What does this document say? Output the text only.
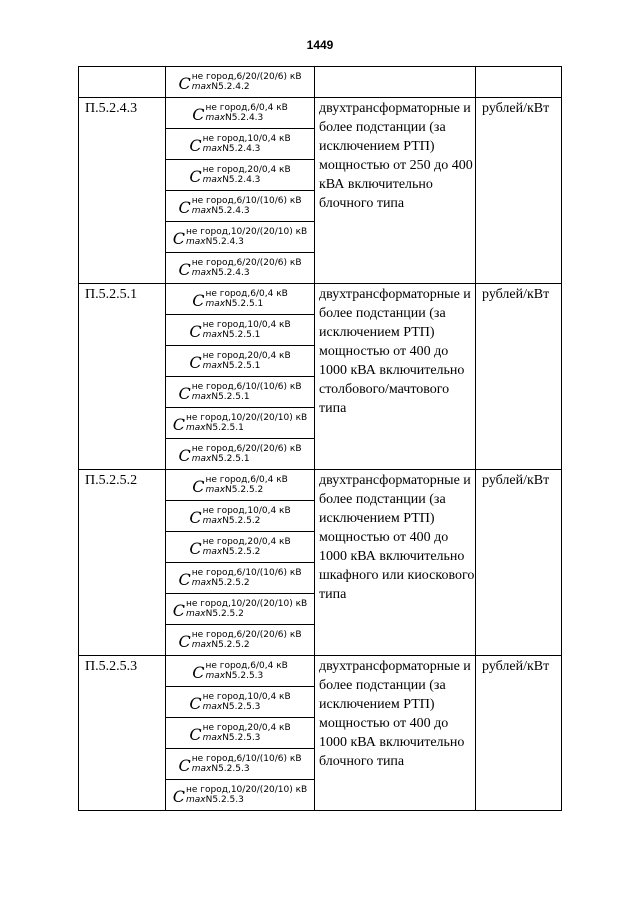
1449

	C не город,6/20/(20/6) кВ
maxN5.2.4.2		

П.5.2.4.3	C не город,6/0,4 кВ
maxN5.2.4.3	двухтрансформаторные и более подстанции (за исключением РТП) мощностью от 250 до 400 кВА включительно блочного типа	рублей/кВт

	C не город,10/0,4 кВ
maxN5.2.4.3		

	C не город,20/0,4 кВ
maxN5.2.4.3		

	C не город,6/10/(10/6) кВ
maxN5.2.4.3		

	C не город,10/20/(20/10) кВ
maxN5.2.4.3		

	C не город,6/20/(20/6) кВ
maxN5.2.4.3		

П.5.2.5.1	C не город,6/0,4 кВ
maxN5.2.5.1	двухтрансформаторные и более подстанции (за исключением РТП) мощностью от 400 до 1000 кВА включительно столбового/мачтового типа	рублей/кВт

	C не город,10/0,4 кВ
maxN5.2.5.1		

	C не город,20/0,4 кВ
maxN5.2.5.1		

	C не город,6/10/(10/6) кВ
maxN5.2.5.1		

	C не город,10/20/(20/10) кВ
maxN5.2.5.1		

	C не город,6/20/(20/6) кВ
maxN5.2.5.1		

П.5.2.5.2	C не город,6/0,4 кВ
maxN5.2.5.2	двухтрансформаторные и более подстанции (за исключением РТП) мощностью от 400 до 1000 кВА включительно шкафного или киоскового типа	рублей/кВт

	C не город,10/0,4 кВ
maxN5.2.5.2		

	C не город,20/0,4 кВ
maxN5.2.5.2		

	C не город,6/10/(10/6) кВ
maxN5.2.5.2		

	C не город,10/20/(20/10) кВ
maxN5.2.5.2		

	C не город,6/20/(20/6) кВ
maxN5.2.5.2		

П.5.2.5.3	C не город,6/0,4 кВ
maxN5.2.5.3	двухтрансформаторные и более подстанции (за исключением РТП) мощностью от 400 до 1000 кВА включительно блочного типа	рублей/кВт

	C не город,10/0,4 кВ
maxN5.2.5.3		

	C не город,20/0,4 кВ
maxN5.2.5.3		

	C не город,6/10/(10/6) кВ
maxN5.2.5.3		

	C не город,10/20/(20/10) кВ
maxN5.2.5.3		
